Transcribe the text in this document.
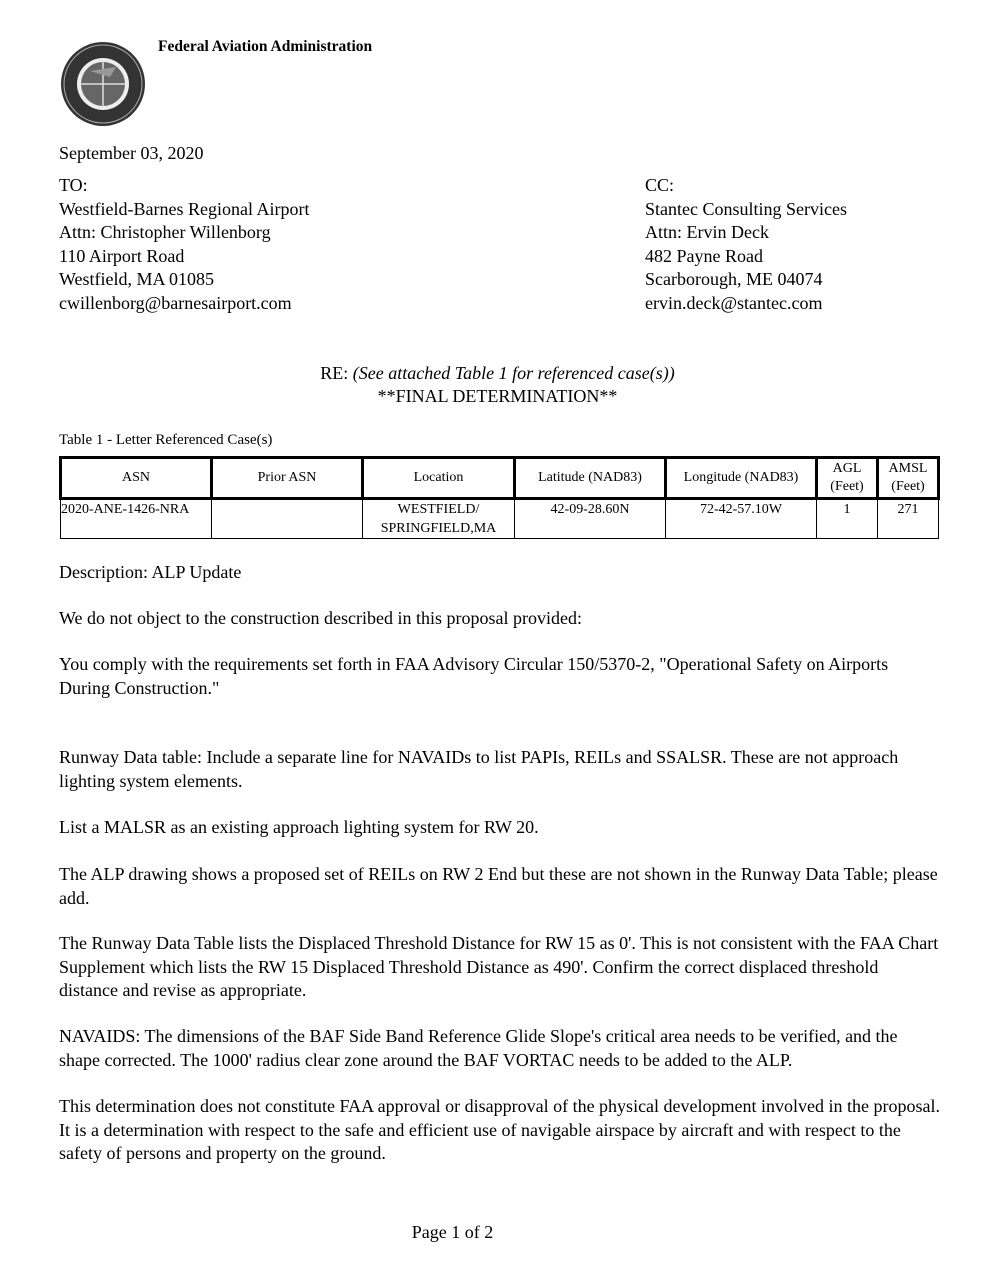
Federal Aviation Administration
September 03, 2020
TO:
Westfield-Barnes Regional Airport
Attn: Christopher Willenborg
110 Airport Road
Westfield, MA 01085
cwillenborg@barnesairport.com
CC:
Stantec Consulting Services
Attn: Ervin Deck
482 Payne Road
Scarborough, ME 04074
ervin.deck@stantec.com
RE: (See attached Table 1 for referenced case(s))
**FINAL DETERMINATION**
Table 1 - Letter Referenced Case(s)
ASN	Prior ASN	Location	Latitude (NAD83)	Longitude (NAD83)	AGL (Feet)	AMSL (Feet)
2020-ANE-1426-NRA		WESTFIELD/ SPRINGFIELD,MA	42-09-28.60N	72-42-57.10W	1	271
Description: ALP Update
We do not object to the construction described in this proposal provided:
You comply with the requirements set forth in FAA Advisory Circular 150/5370-2, "Operational Safety on Airports During Construction."
Runway Data table: Include a separate line for NAVAIDs to list PAPIs, REILs and SSALSR. These are not approach lighting system elements.
List a MALSR as an existing approach lighting system for RW 20.
The ALP drawing shows a proposed set of REILs on RW 2 End but these are not shown in the Runway Data Table; please add.
The Runway Data Table lists the Displaced Threshold Distance for RW 15 as 0'. This is not consistent with the FAA Chart Supplement which lists the RW 15 Displaced Threshold Distance as 490'. Confirm the correct displaced threshold distance and revise as appropriate.
NAVAIDS: The dimensions of the BAF Side Band Reference Glide Slope's critical area needs to be verified, and the shape corrected. The 1000' radius clear zone around the BAF VORTAC needs to be added to the ALP.
This determination does not constitute FAA approval or disapproval of the physical development involved in the proposal. It is a determination with respect to the safe and efficient use of navigable airspace by aircraft and with respect to the safety of persons and property on the ground.
Page 1 of 2
